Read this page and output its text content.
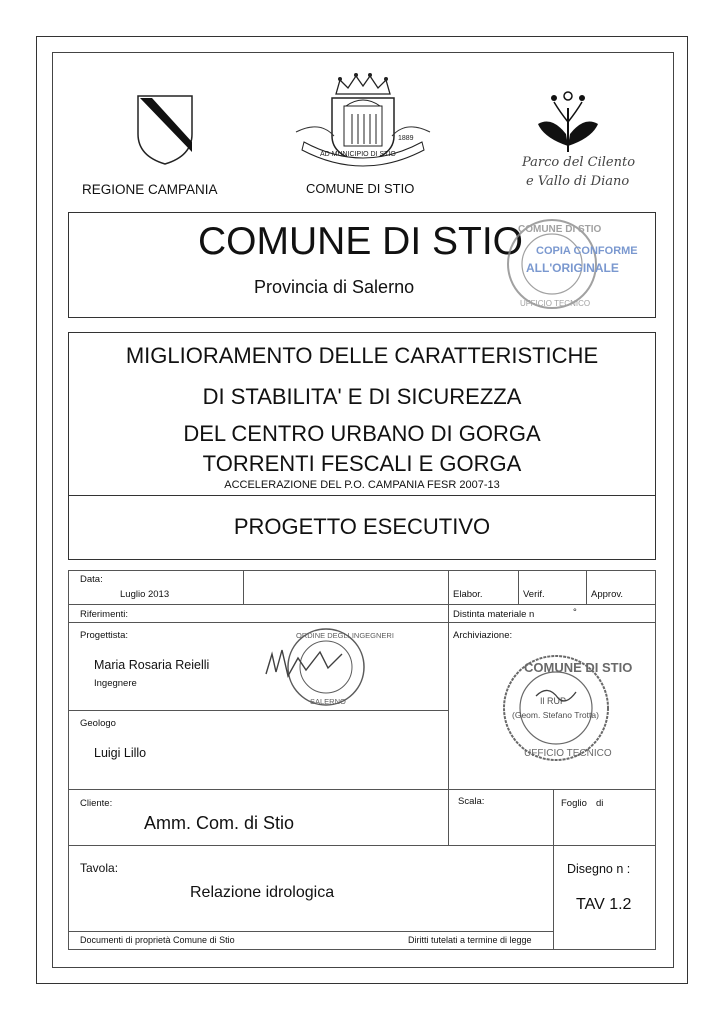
REGIONE CAMPANIA
AD MUNICIPIO DI STIO
1889
COMUNE DI STIO
Parco del Cilento
e Vallo di Diano
COMUNE DI STIO
Provincia di Salerno
COMUNE DI STIO
UFFICIO TECNICO
COPIA CONFORME
ALL'ORIGINALE
MIGLIORAMENTO DELLE CARATTERISTICHE
DI STABILITA' E DI SICUREZZA
DEL CENTRO URBANO DI GORGA
TORRENTI FESCALI E GORGA
ACCELERAZIONE DEL P.O. CAMPANIA FESR 2007-13
PROGETTO ESECUTIVO
Data:
Luglio 2013	Elabor.	Verif.	Approv.
Riferimenti:	Distinta materiale n	°
Progettista:
Maria Rosaria Reielli
Ingegnere
Archiviazione:
ORDINE DEGLI INGEGNERI
SALERNO
COMUNE DI STIO
UFFICIO TECNICO
Il RUP
(Geom. Stefano Trotta)
Geologo
Luigi Lillo
Cliente:
Amm. Com. di Stio
Scala:	Foglio di
Tavola:
Relazione idrologica
Disegno n :
TAV 1.2
Documenti di proprietà Comune di Stio	Diritti tutelati a termine di legge
